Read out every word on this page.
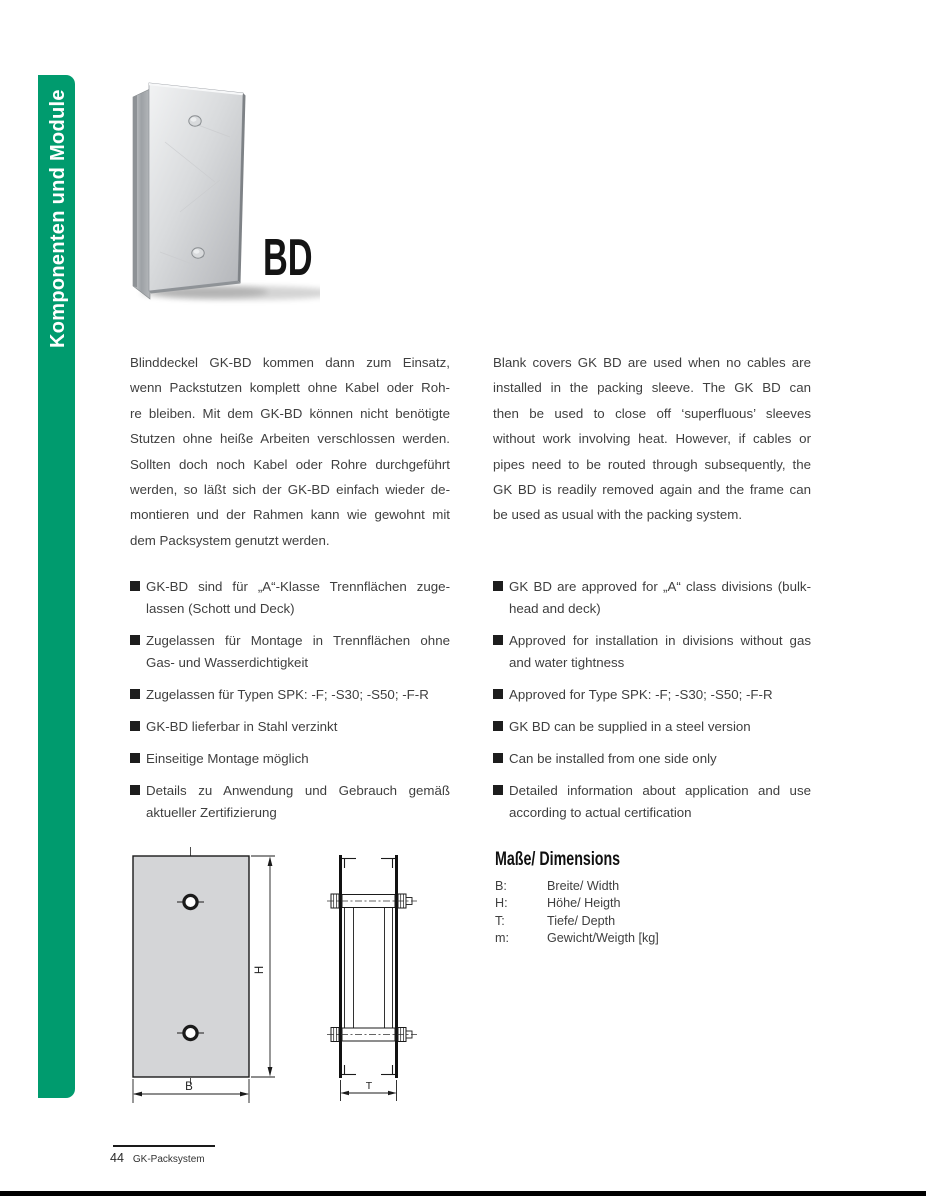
Komponenten und Module	BD
Blinddeckel GK-BD kommen dann zum Einsatz,
wenn Packstutzen komplett ohne Kabel oder Roh-
re bleiben. Mit dem GK-BD können nicht benötigte
Stutzen ohne heiße Arbeiten verschlossen werden.
Sollten doch noch Kabel oder Rohre durchgeführt
werden, so läßt sich der GK-BD einfach wieder de-
montieren und der Rahmen kann wie gewohnt mit
dem Packsystem genutzt werden.
Blank covers GK BD are used when no cables are
installed in the packing sleeve. The GK BD can
then be used to close off ‘superfluous’ sleeves
without work involving heat. However, if cables or
pipes need to be routed through subsequently, the
GK BD is readily removed again and the frame can
be used as usual with the packing system.
GK-BD sind für „A“-Klasse Trennflächen zuge-
lassen (Schott und Deck)
Zugelassen für Montage in Trennflächen ohne
Gas- und Wasserdichtigkeit
Zugelassen für Typen SPK: -F; -S30; -S50; -F-R
GK-BD lieferbar in Stahl verzinkt
Einseitige Montage möglich
Details zu Anwendung und Gebrauch gemäß
aktueller Zertifizierung
GK BD are approved for „A“ class divisions (bulk-
head and deck)
Approved for installation in divisions without gas
and water tightness
Approved for Type SPK: -F; -S30; -S50; -F-R
GK BD can be supplied in a steel version
Can be installed from one side only
Detailed information about application and use
according to actual certification
H
B	T
Maße/ Dimensions
B:	Breite/ Width
H:	Höhe/ Heigth
T:	Tiefe/ Depth
m:	Gewicht/Weigth [kg]
44 GK-Packsystem
